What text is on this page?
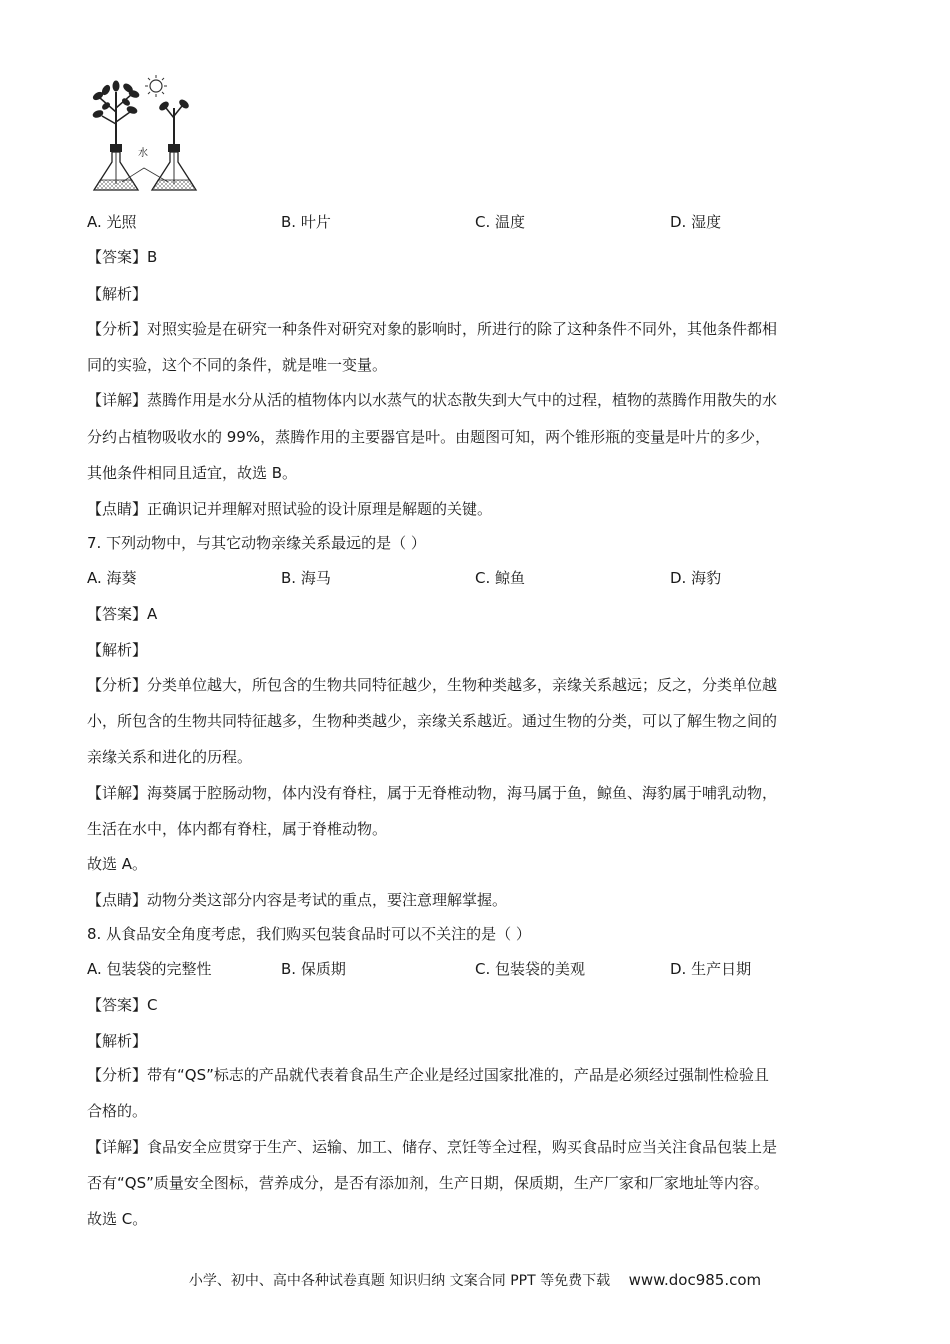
水
A. 光照	B. 叶片	C. 温度	D. 湿度
【答案】B
【解析】
【分析】对照实验是在研究一种条件对研究对象的影响时，所进行的除了这种条件不同外，其他条件都相
同的实验，这个不同的条件，就是唯一变量。
【详解】蒸腾作用是水分从活的植物体内以水蒸气的状态散失到大气中的过程，植物的蒸腾作用散失的水
分约占植物吸收水的 99%，蒸腾作用的主要器官是叶。由题图可知，两个锥形瓶的变量是叶片的多少，
其他条件相同且适宜，故选 B。
【点睛】正确识记并理解对照试验的设计原理是解题的关键。
7. 下列动物中，与其它动物亲缘关系最远的是（ ）
A. 海葵	B. 海马	C. 鲸鱼	D. 海豹
【答案】A
【解析】
【分析】分类单位越大，所包含的生物共同特征越少，生物种类越多，亲缘关系越远；反之，分类单位越
小，所包含的生物共同特征越多，生物种类越少，亲缘关系越近。通过生物的分类，可以了解生物之间的
亲缘关系和进化的历程。
【详解】海葵属于腔肠动物，体内没有脊柱，属于无脊椎动物，海马属于鱼，鲸鱼、海豹属于哺乳动物，
生活在水中，体内都有脊柱，属于脊椎动物。
故选 A。
【点睛】动物分类这部分内容是考试的重点，要注意理解掌握。
8. 从食品安全角度考虑，我们购买包装食品时可以不关注的是（ ）
A. 包装袋的完整性	B. 保质期	C. 包装袋的美观	D. 生产日期
【答案】C
【解析】
【分析】带有“QS”标志的产品就代表着食品生产企业是经过国家批准的，产品是必须经过强制性检验且
合格的。
【详解】食品安全应贯穿于生产、运输、加工、储存、烹饪等全过程，购买食品时应当关注食品包装上是
否有“QS”质量安全图标，营养成分，是否有添加剂，生产日期，保质期，生产厂家和厂家地址等内容。
故选 C。
小学、初中、高中各种试卷真题 知识归纳 文案合同 PPT 等免费下载 www.doc985.com
